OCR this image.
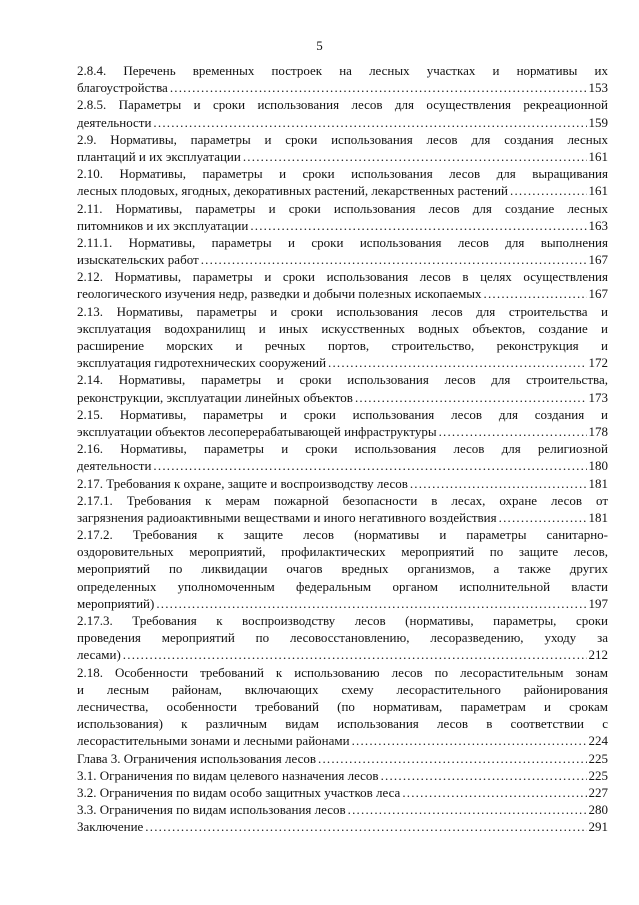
5
2.8.4. Перечень временных построек на лесных участках и нормативы их
благоустройства .....	153
2.8.5. Параметры и сроки использования лесов для осуществления рекреационной
деятельности .....	159
2.9. Нормативы, параметры и сроки использования лесов для создания лесных
плантаций и их эксплуатации .....	161
2.10. Нормативы, параметры и сроки использования лесов для выращивания
лесных плодовых, ягодных, декоративных растений, лекарственных растений .....	161
2.11. Нормативы, параметры и сроки использования лесов для создание лесных
питомников и их эксплуатации .....	163
2.11.1. Нормативы, параметры и сроки использования лесов для выполнения
изыскательских работ .....	167
2.12. Нормативы, параметры и сроки использования лесов в целях осуществления
геологического изучения недр, разведки и добычи полезных ископаемых .....	167
2.13. Нормативы, параметры и сроки использования лесов для строительства и
эксплуатация водохранилищ и иных искусственных водных объектов, создание и
расширение морских и речных портов, строительство, реконструкция и
эксплуатация гидротехнических сооружений .....	172
2.14. Нормативы, параметры и сроки использования лесов для строительства,
реконструкции, эксплуатации линейных объектов .....	173
2.15. Нормативы, параметры и сроки использования лесов для создания и
эксплуатации объектов лесоперерабатывающей инфраструктуры .....	178
2.16. Нормативы, параметры и сроки использования лесов для религиозной
деятельности .....	180
2.17. Требования к охране, защите и воспроизводству лесов .....	181
2.17.1. Требования к мерам пожарной безопасности в лесах, охране лесов от
загрязнения радиоактивными веществами и иного негативного воздействия .....	181
2.17.2. Требования к защите лесов (нормативы и параметры санитарно-
оздоровительных мероприятий, профилактических мероприятий по защите лесов,
мероприятий по ликвидации очагов вредных организмов, а также других
определенных уполномоченным федеральным органом исполнительной власти
мероприятий) .....	197
2.17.3. Требования к воспроизводству лесов (нормативы, параметры, сроки
проведения мероприятий по лесовосстановлению, лесоразведению, уходу за
лесами) .....	212
2.18. Особенности требований к использованию лесов по лесорастительным зонам
и лесным районам, включающих схему лесорастительного районирования
лесничества, особенности требований (по нормативам, параметрам и срокам
использования) к различным видам использования лесов в соответствии с
лесорастительными зонами и лесными районами .....	224
Глава 3. Ограничения использования лесов .....	225
3.1. Ограничения по видам целевого назначения лесов .....	225
3.2. Ограничения по видам особо защитных участков леса .....	227
3.3. Ограничения по видам использования лесов .....	280
Заключение .....	291
